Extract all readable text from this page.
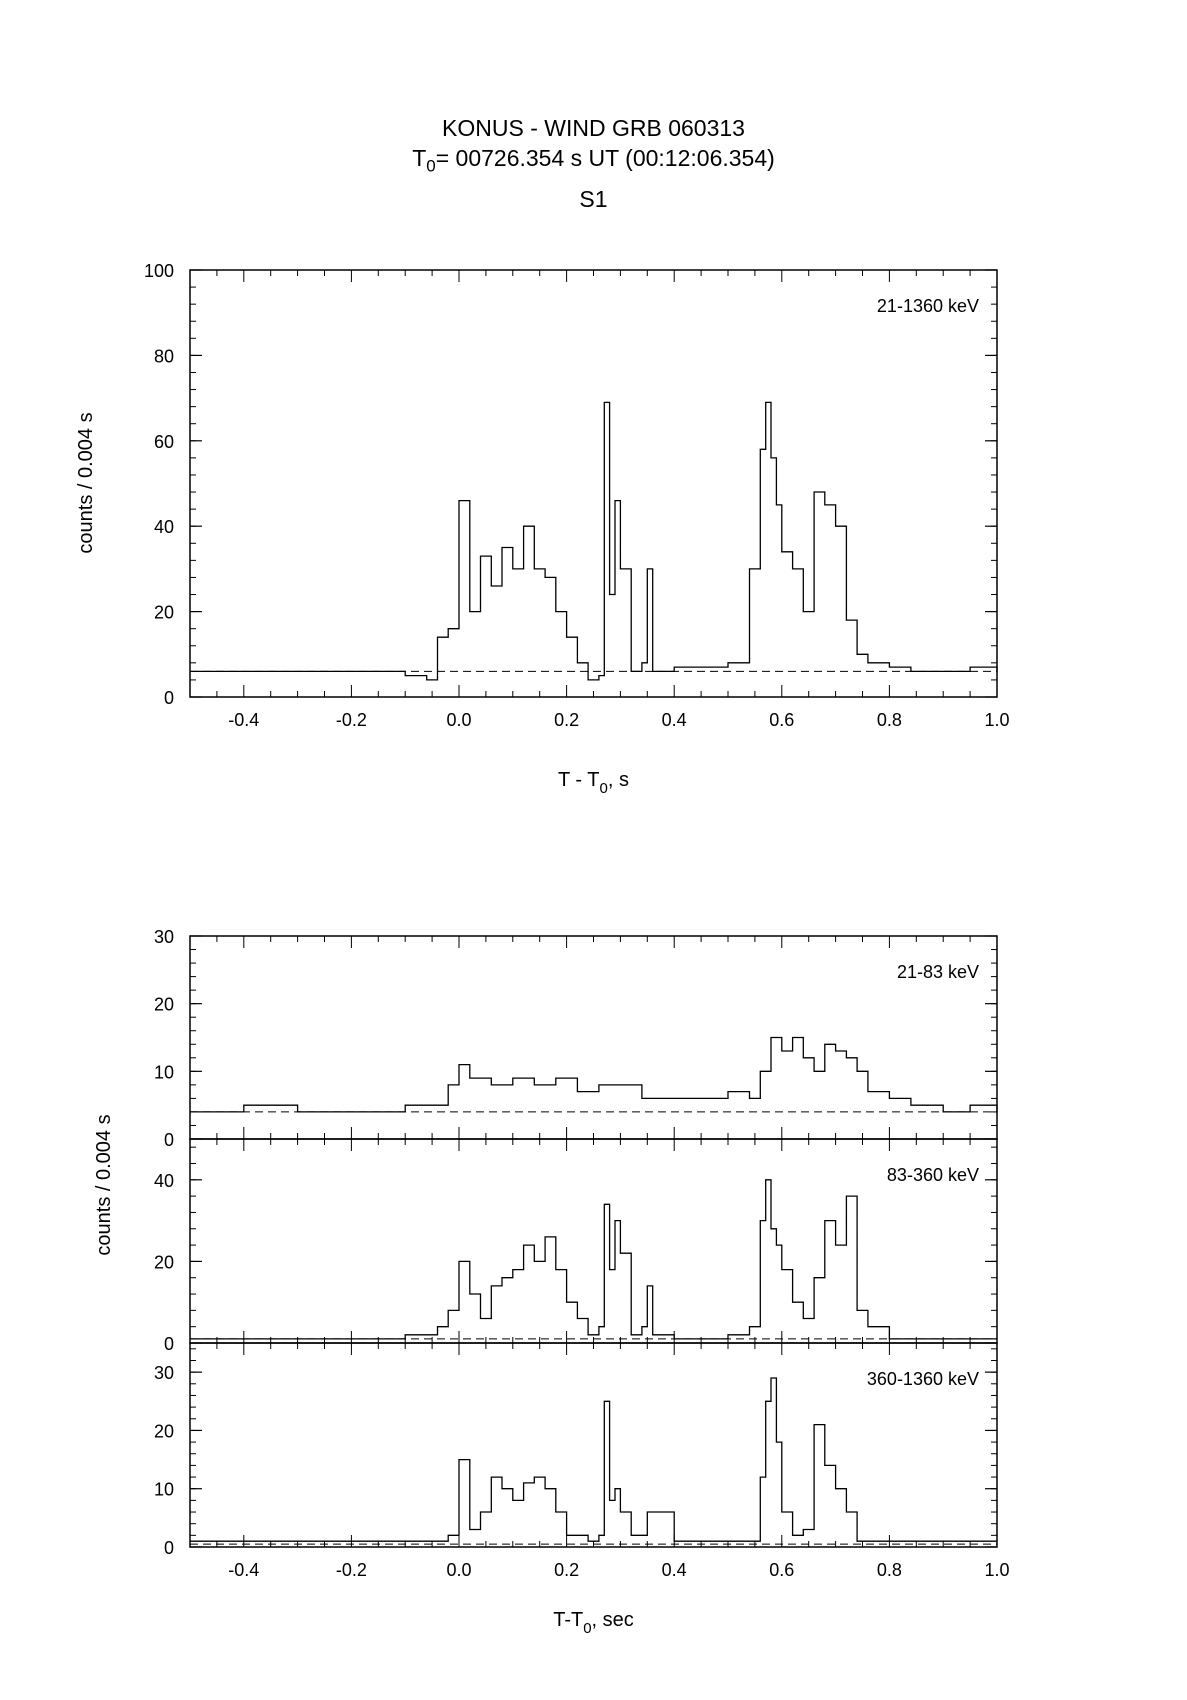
KONUS - WIND GRB 060313
$T_0= 00726.354$ s UT (00:12:06.354)
S1
0
20
40
60
80
100
-0.4	-0.2	0.0	0.2	0.4	0.6	0.8	1.0
21-1360 keV
counts / 0.004 s
T - $T_0$, s
0
10
20
30
21-83 keV
0
20
40	83-360 keV
counts / 0.004 s
0
10
20
30
-0.4	-0.2	0.0	0.2	0.4	0.6	0.8	1.0
360-1360 keV
$T-T_0$, sec
